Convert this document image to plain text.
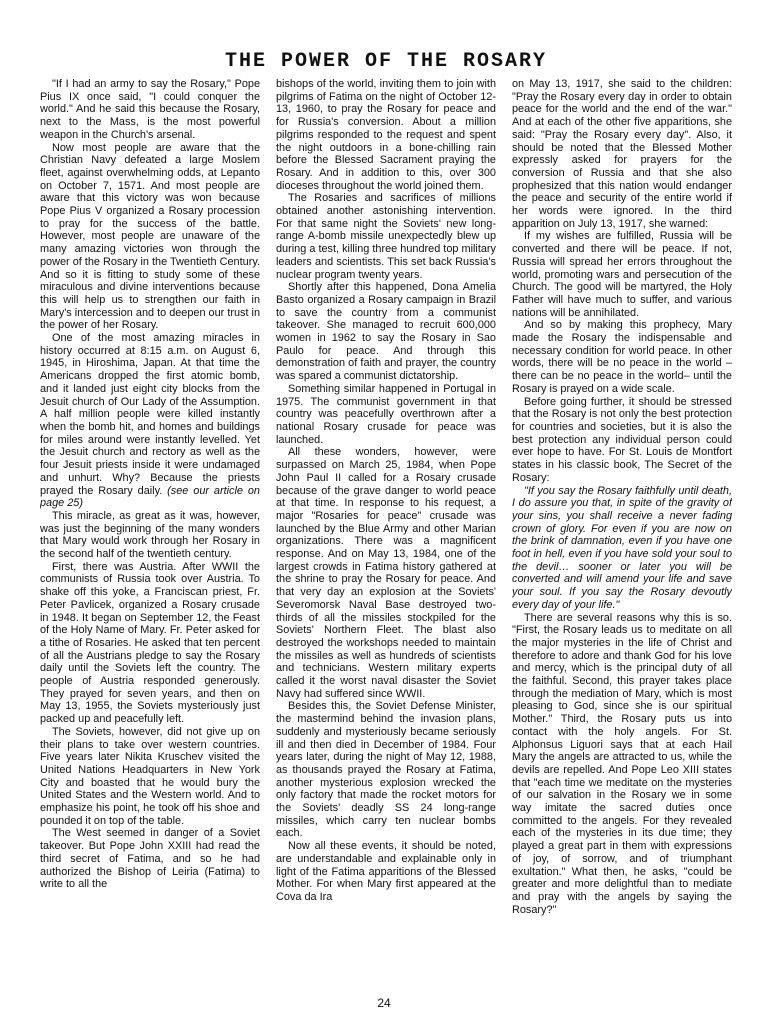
THE POWER OF THE ROSARY

"If I had an army to say the Rosary," Pope Pius IX once said, "I could conquer the world." And he said this because the Rosary, next to the Mass, is the most powerful weapon in the Church's arsenal.

Now most people are aware that the Christian Navy defeated a large Moslem fleet, against overwhelming odds, at Lepanto on October 7, 1571. And most people are aware that this victory was won because Pope Pius V organized a Rosary procession to pray for the success of the battle. However, most people are unaware of the many amazing victories won through the power of the Rosary in the Twentieth Century. And so it is fitting to study some of these miraculous and divine interventions because this will help us to strengthen our faith in Mary's intercession and to deepen our trust in the power of her Rosary.

One of the most amazing miracles in history occurred at 8:15 a.m. on August 6, 1945, in Hiroshima, Japan. At that time the Americans dropped the first atomic bomb, and it landed just eight city blocks from the Jesuit church of Our Lady of the Assumption. A half million people were killed instantly when the bomb hit, and homes and buildings for miles around were instantly levelled. Yet the Jesuit church and rectory as well as the four Jesuit priests inside it were undamaged and unhurt. Why? Because the priests prayed the Rosary daily. (see our article on page 25)

This miracle, as great as it was, however, was just the beginning of the many wonders that Mary would work through her Rosary in the second half of the twentieth century.

First, there was Austria. After WWII the communists of Russia took over Austria. To shake off this yoke, a Franciscan priest, Fr. Peter Pavlicek, organized a Rosary crusade in 1948. It began on September 12, the Feast of the Holy Name of Mary. Fr. Peter asked for a tithe of Rosaries. He asked that ten percent of all the Austrians pledge to say the Rosary daily until the Soviets left the country. The people of Austria responded generously. They prayed for seven years, and then on May 13, 1955, the Soviets mysteriously just packed up and peacefully left.

The Soviets, however, did not give up on their plans to take over western countries. Five years later Nikita Kruschev visited the United Nations Headquarters in New York City and boasted that he would bury the United States and the Western world. And to emphasize his point, he took off his shoe and pounded it on top of the table.

The West seemed in danger of a Soviet takeover. But Pope John XXIII had read the third secret of Fatima, and so he had authorized the Bishop of Leiria (Fatima) to write to all the

bishops of the world, inviting them to join with pilgrims of Fatima on the night of October 12-13, 1960, to pray the Rosary for peace and for Russia's conversion. About a million pilgrims responded to the request and spent the night outdoors in a bone-chilling rain before the Blessed Sacrament praying the Rosary. And in addition to this, over 300 dioceses throughout the world joined them.

The Rosaries and sacrifices of millions obtained another astonishing intervention. For that same night the Soviets' new long-range A-bomb missile unexpectedly blew up during a test, killing three hundred top military leaders and scientists. This set back Russia's nuclear program twenty years.

Shortly after this happened, Dona Amelia Basto organized a Rosary campaign in Brazil to save the country from a communist takeover. She managed to recruit 600,000 women in 1962 to say the Rosary in Sao Paulo for peace. And through this demonstration of faith and prayer, the country was spared a communist dictatorship.

Something similar happened in Portugal in 1975. The communist government in that country was peacefully overthrown after a national Rosary crusade for peace was launched.

All these wonders, however, were surpassed on March 25, 1984, when Pope John Paul II called for a Rosary crusade because of the grave danger to world peace at that time. In response to his request, a major "Rosaries for peace" crusade was launched by the Blue Army and other Marian organizations. There was a magnificent response. And on May 13, 1984, one of the largest crowds in Fatima history gathered at the shrine to pray the Rosary for peace. And that very day an explosion at the Soviets' Severomorsk Naval Base destroyed two-thirds of all the missiles stockpiled for the Soviets' Northern Fleet. The blast also destroyed the workshops needed to maintain the missiles as well as hundreds of scientists and technicians. Western military experts called it the worst naval disaster the Soviet Navy had suffered since WWII.

Besides this, the Soviet Defense Minister, the mastermind behind the invasion plans, suddenly and mysteriously became seriously ill and then died in December of 1984. Four years later, during the night of May 12, 1988, as thousands prayed the Rosary at Fatima, another mysterious explosion wrecked the only factory that made the rocket motors for the Soviets' deadly SS 24 long-range missiles, which carry ten nuclear bombs each.

Now all these events, it should be noted, are understandable and explainable only in light of the Fatima apparitions of the Blessed Mother. For when Mary first appeared at the Cova da Ira

on May 13, 1917, she said to the children: "Pray the Rosary every day in order to obtain peace for the world and the end of the war." And at each of the other five apparitions, she said: "Pray the Rosary every day". Also, it should be noted that the Blessed Mother expressly asked for prayers for the conversion of Russia and that she also prophesized that this nation would endanger the peace and security of the entire world if her words were ignored. In the third apparition on July 13, 1917, she warned:

If my wishes are fulfilled, Russia will be converted and there will be peace. If not, Russia will spread her errors throughout the world, promoting wars and persecution of the Church. The good will be martyred, the Holy Father will have much to suffer, and various nations will be annihilated.

And so by making this prophecy, Mary made the Rosary the indispensable and necessary condition for world peace. In other words, there will be no peace in the world –there can be no peace in the world– until the Rosary is prayed on a wide scale.

Before going further, it should be stressed that the Rosary is not only the best protection for countries and societies, but it is also the best protection any individual person could ever hope to have. For St. Louis de Montfort states in his classic book, The Secret of the Rosary:

"If you say the Rosary faithfully until death, I do assure you that, in spite of the gravity of your sins, you shall receive a never fading crown of glory. For even if you are now on the brink of damnation, even if you have one foot in hell, even if you have sold your soul to the devil… sooner or later you will be converted and will amend your life and save your soul. If you say the Rosary devoutly every day of your life."

There are several reasons why this is so. "First, the Rosary leads us to meditate on all the major mysteries in the life of Christ and therefore to adore and thank God for his love and mercy, which is the principal duty of all the faithful. Second, this prayer takes place through the mediation of Mary, which is most pleasing to God, since she is our spiritual Mother." Third, the Rosary puts us into contact with the holy angels. For St. Alphonsus Liguori says that at each Hail Mary the angels are attracted to us, while the devils are repelled. And Pope Leo XIII states that "each time we meditate on the mysteries of our salvation in the Rosary we in some way imitate the sacred duties once committed to the angels. For they revealed each of the mysteries in its due time; they played a great part in them with expressions of joy, of sorrow, and of triumphant exultation." What then, he asks, "could be greater and more delightful than to mediate and pray with the angels by saying the Rosary?"

24
